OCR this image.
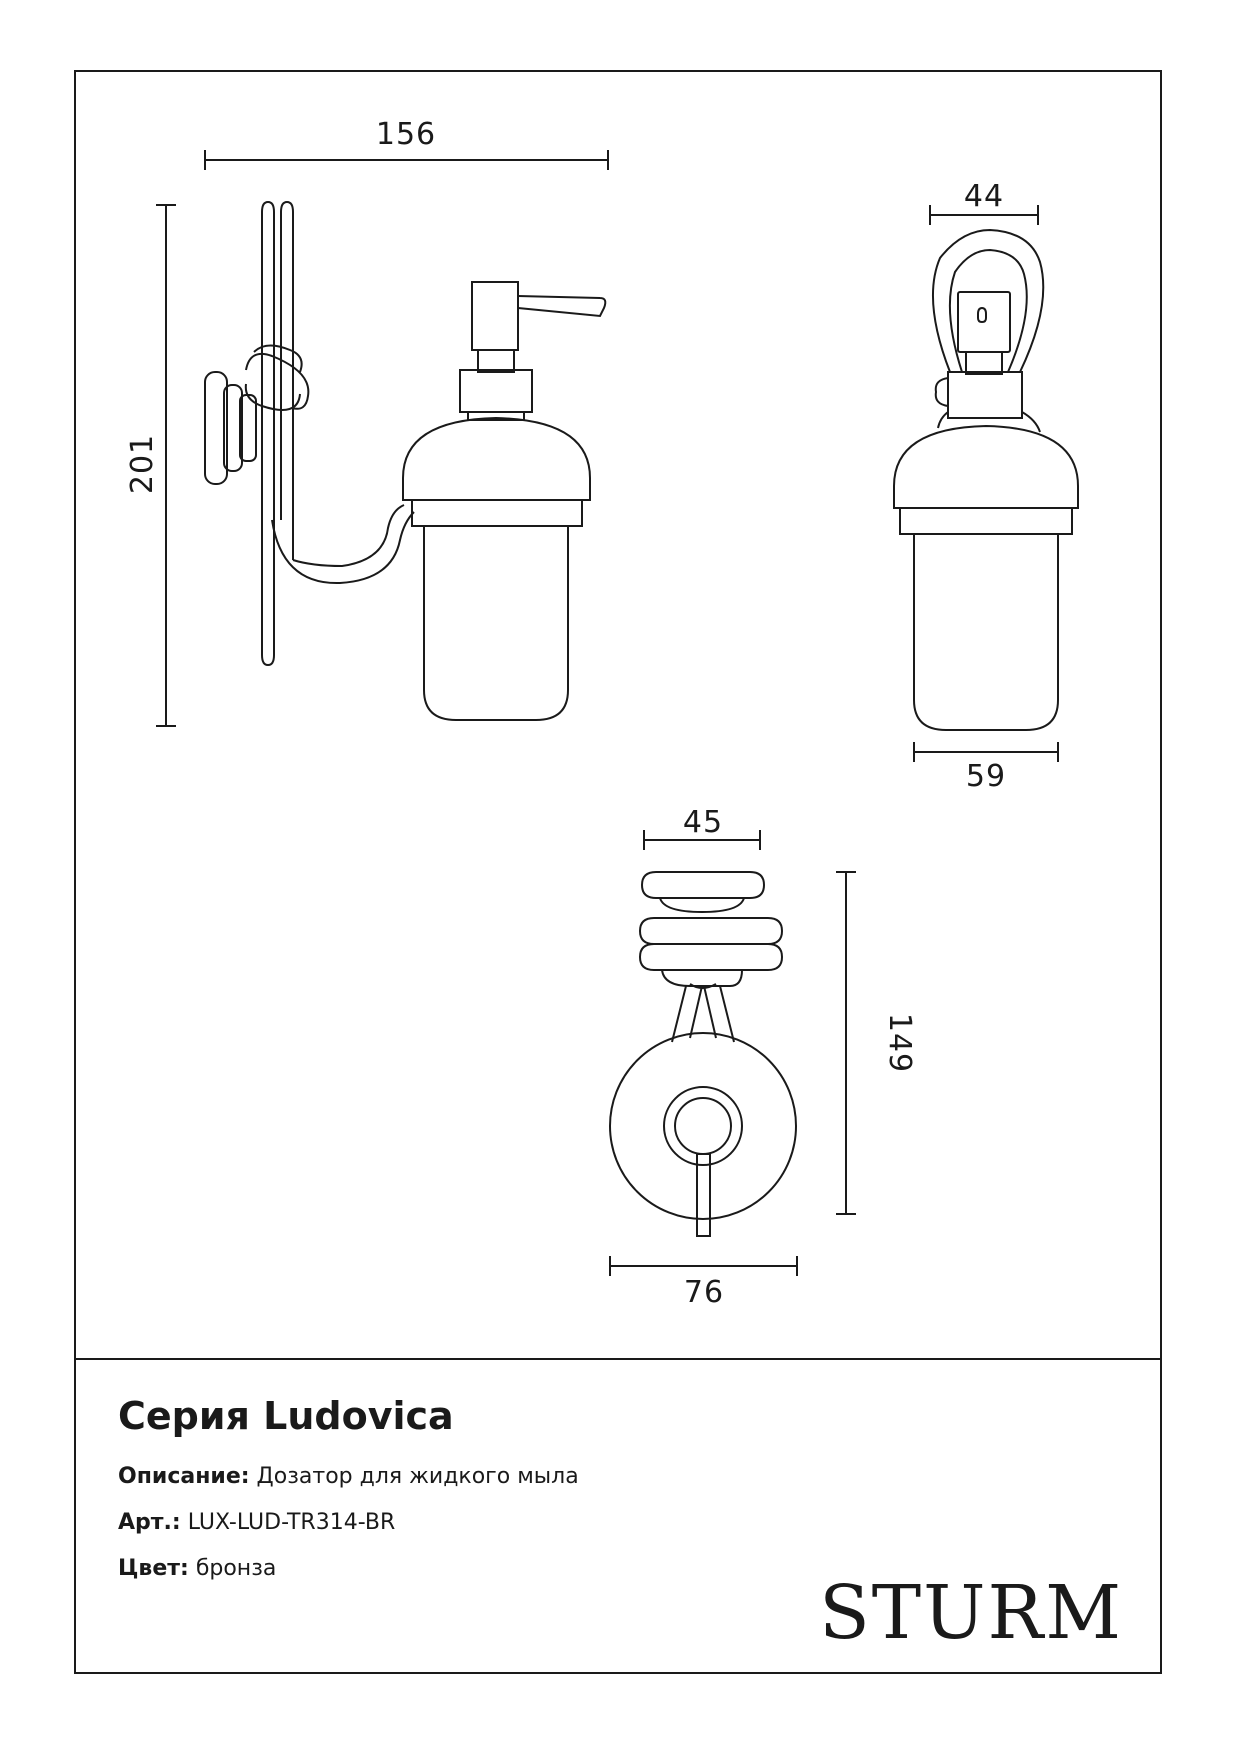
156
201
44
59
45
149
76
Серия Ludovica
Описание: Дозатор для жидкого мыла
Арт.: LUX-LUD-TR314-BR
Цвет: бронза
STURM
